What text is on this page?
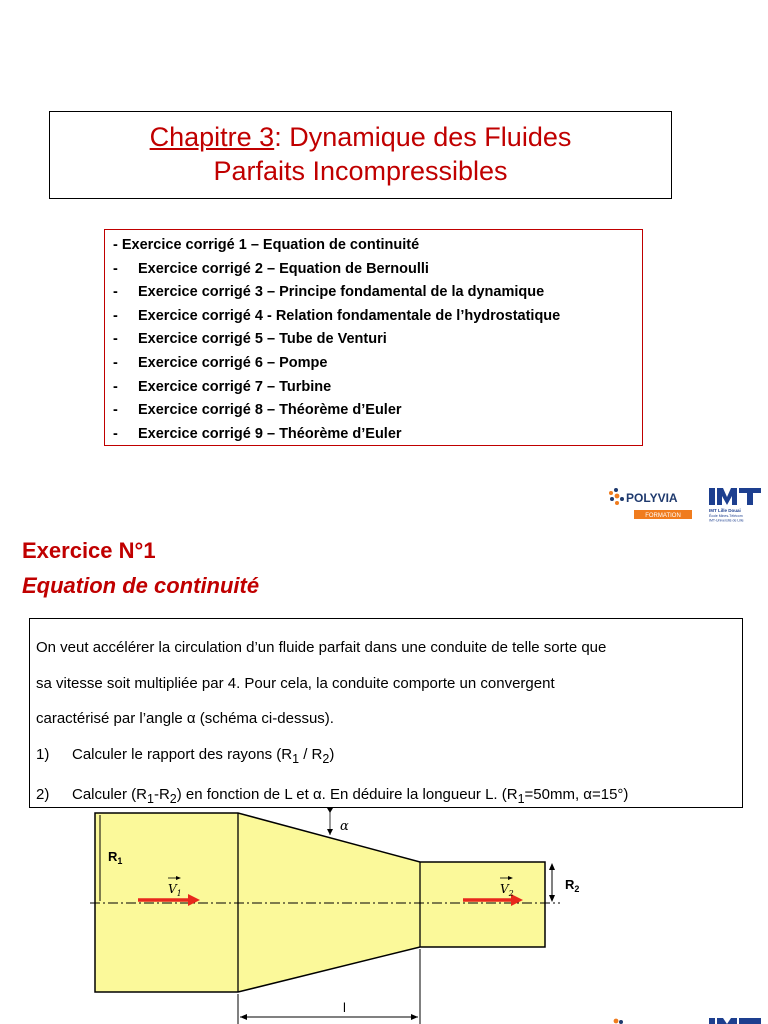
Chapitre 3: Dynamique des Fluides
Parfaits Incompressibles
- Exercice corrigé 1 – Equation de continuité
- Exercice corrigé 2 – Equation de Bernoulli
- Exercice corrigé 3 – Principe fondamental de la dynamique
- Exercice corrigé 4 - Relation fondamentale de l’hydrostatique
- Exercice corrigé 5 – Tube de Venturi
- Exercice corrigé 6 – Pompe
- Exercice corrigé 7 – Turbine
- Exercice corrigé 8 – Théorème d’Euler
- Exercice corrigé 9 – Théorème d’Euler
POLYVIA
FORMATION
IMT Lille Douai
École Mines-Télécom
IMT-Université de Lille
Exercice N°1
Equation de continuité
On veut accélérer la circulation d’un fluide parfait dans une conduite de telle sorte que
sa vitesse soit multipliée par 4. Pour cela, la conduite comporte un convergent
caractérisé par l’angle α (schéma ci-dessus).
1) Calculer le rapport des rayons $(R_1 / R_2)$
2) Calculer $(R_1-R_2)$ en fonction de L et α. En déduire la longueur L. ($R_1=50mm$, α=15°)
$R_1$
$R_2$
$V_1$	$V_2$
α
l
